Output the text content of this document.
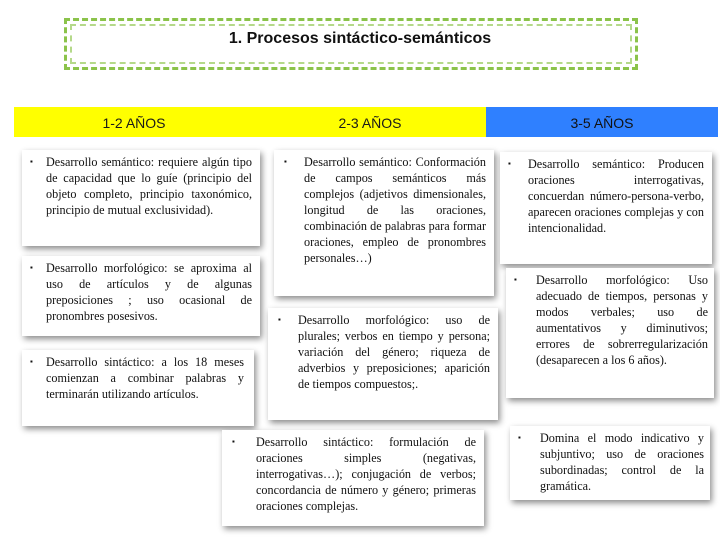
1. Procesos sintáctico-semánticos
1-2 AÑOS	2-3 AÑOS	3-5 AÑOS
▪ Desarrollo semántico: requiere algún tipo de capacidad que lo guíe (principio del objeto completo, principio taxonómico, principio de mutual exclusividad).
▪ Desarrollo morfológico: se aproxima al uso de artículos y de algunas preposiciones ; uso ocasional de pronombres posesivos.
▪ Desarrollo sintáctico: a los 18 meses comienzan a combinar palabras y terminarán utilizando artículos.
▪ Desarrollo semántico: Conformación de campos semánticos más complejos (adjetivos dimensionales, longitud de las oraciones, combinación de palabras para formar oraciones, empleo de pronombres personales…)
▪ Desarrollo morfológico: uso de plurales; verbos en tiempo y persona; variación del género; riqueza de adverbios y preposiciones; aparición de tiempos compuestos;.
▪ Desarrollo sintáctico: formulación de oraciones simples (negativas, interrogativas…); conjugación de verbos; concordancia de número y género; primeras oraciones complejas.
▪ Desarrollo semántico: Producen oraciones interrogativas, concuerdan número-persona-verbo, aparecen oraciones complejas y con intencionalidad.
▪ Desarrollo morfológico: Uso adecuado de tiempos, personas y modos verbales; uso de aumentativos y diminutivos; errores de sobrerregularización (desaparecen a los 6 años).
▪ Domina el modo indicativo y subjuntivo; uso de oraciones subordinadas; control de la gramática.
